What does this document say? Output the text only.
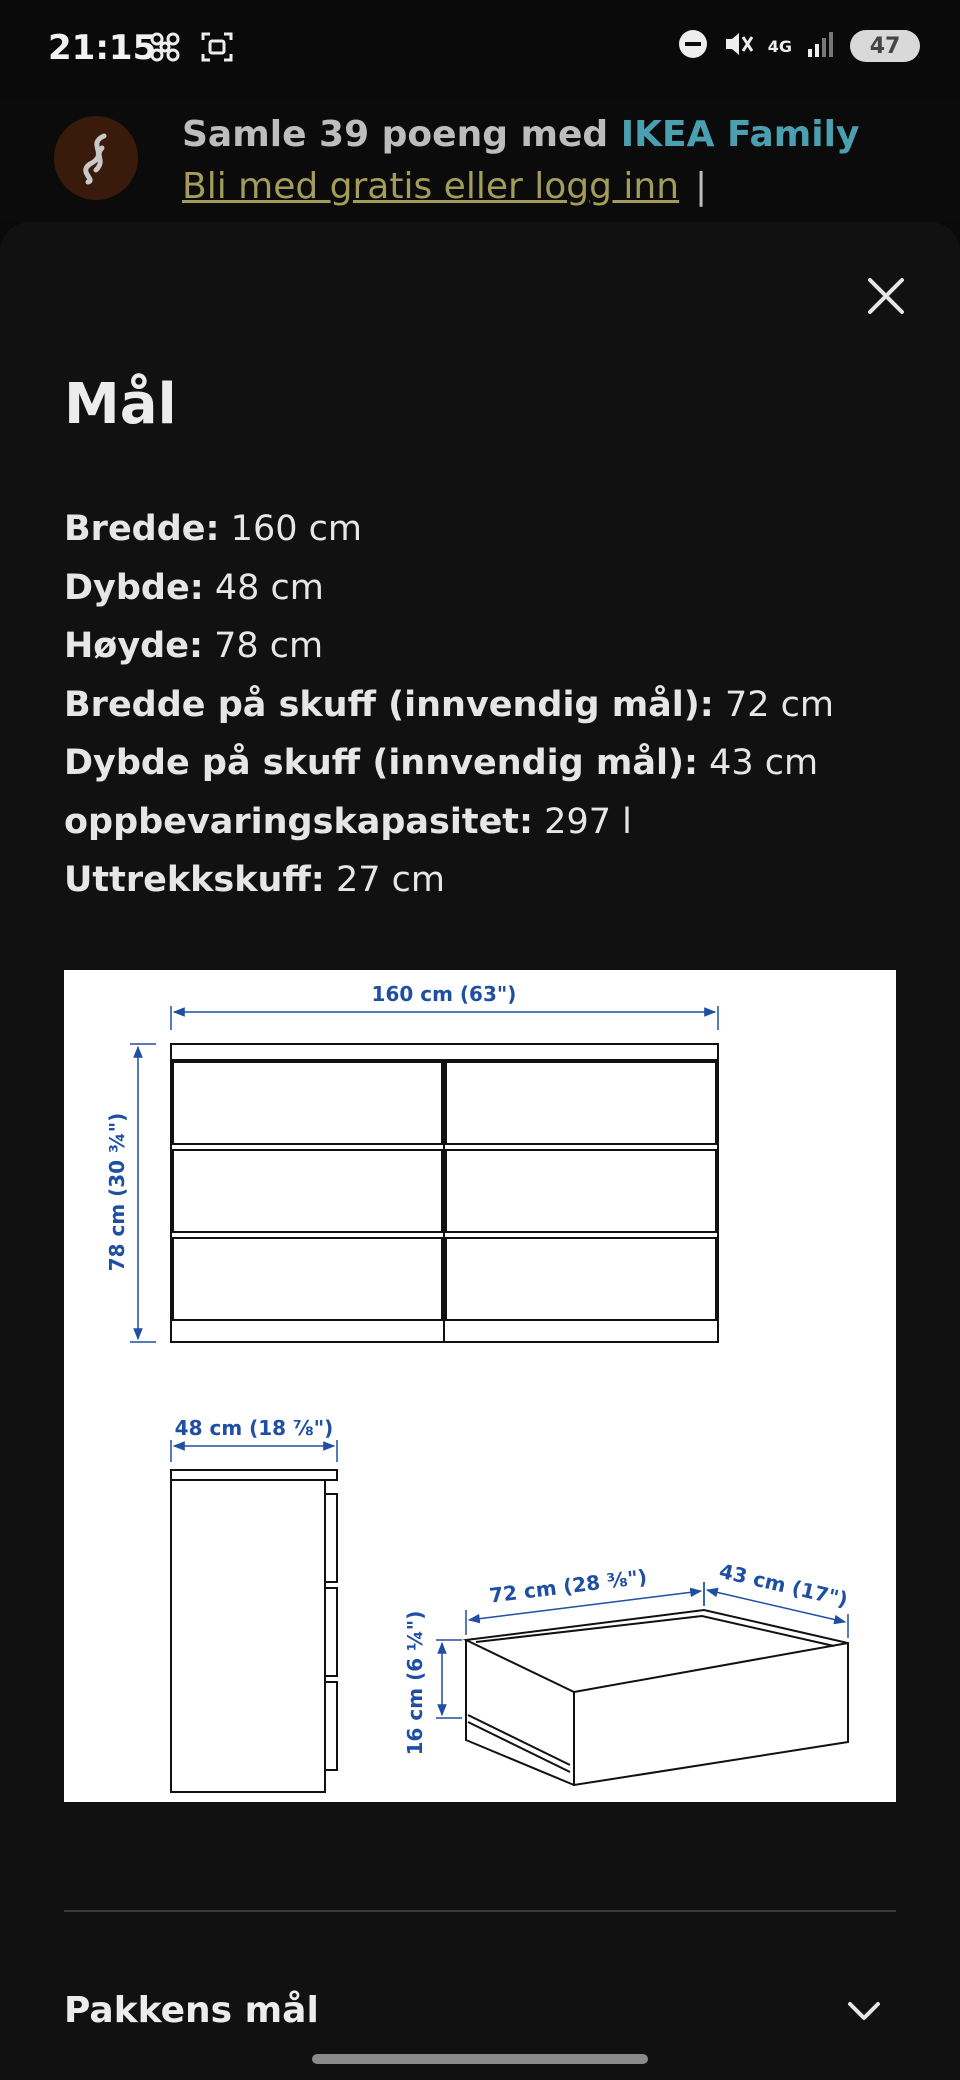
21:15	4G	47
Samle 39 poeng med IKEA Family
Bli med gratis eller logg inn |
Mål
Bredde: 160 cm
Dybde: 48 cm
Høyde: 78 cm
Bredde på skuff (innvendig mål): 72 cm
Dybde på skuff (innvendig mål): 43 cm
oppbevaringskapasitet: 297 l
Uttrekkskuff: 27 cm
160 cm (63")
78 cm (30 ¾")
48 cm (18 ⅞")
72 cm (28 ⅜")	43 cm (17")
16 cm (6 ¼")
Pakkens mål
